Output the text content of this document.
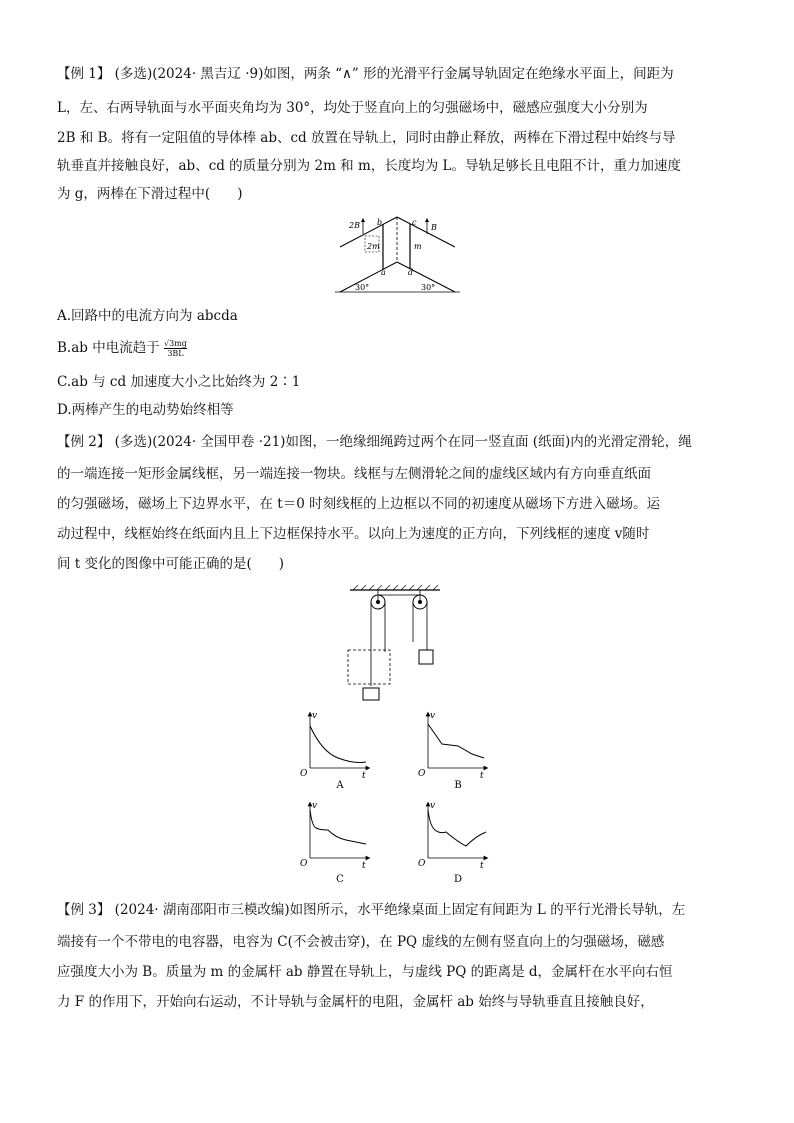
【例 1】 (多选)(2024· 黑吉辽 ·9)如图，两条 “∧” 形的光滑平行金属导轨固定在绝缘水平面上，间距为
L，左、右两导轨面与水平面夹角均为 30°，均处于竖直向上的匀强磁场中，磁感应强度大小分别为
2B 和 B。将有一定阻值的导体棒 ab、cd 放置在导轨上，同时由静止释放，两棒在下滑过程中始终与导
轨垂直并接触良好，ab、cd 的质量分别为 2m 和 m，长度均为 L。导轨足够长且电阻不计，重力加速度
为 g，两棒在下滑过程中(　　)
2B	B
b	c
a	d
2m	m
30°	30°
A.回路中的电流方向为 abcda
B.ab 中电流趋于 $\frac{√3mg}{3BL}$
C.ab 与 cd 加速度大小之比始终为 2∶1
D.两棒产生的电动势始终相等
【例 2】 (多选)(2024· 全国甲卷 ·21)如图，一绝缘细绳跨过两个在同一竖直面 (纸面)内的光滑定滑轮，绳
的一端连接一矩形金属线框，另一端连接一物块。线框与左侧滑轮之间的虚线区域内有方向垂直纸面
的匀强磁场，磁场上下边界水平，在 t＝0 时刻线框的上边框以不同的初速度从磁场下方进入磁场。运
动过程中，线框始终在纸面内且上下边框保持水平。以向上为速度的正方向，下列线框的速度 v随时
间 t 变化的图像中可能正确的是(　　)
v
O	t
v
O	t
v
O	t
v
O	t
A	B
C	D
【例 3】 (2024· 湖南邵阳市三模改编)如图所示，水平绝缘桌面上固定有间距为 L 的平行光滑长导轨，左
端接有一个不带电的电容器，电容为 C(不会被击穿)，在 PQ 虚线的左侧有竖直向上的匀强磁场，磁感
应强度大小为 B。质量为 m 的金属杆 ab 静置在导轨上，与虚线 PQ 的距离是 d，金属杆在水平向右恒
力 F 的作用下，开始向右运动，不计导轨与金属杆的电阻，金属杆 ab 始终与导轨垂直且接触良好，
